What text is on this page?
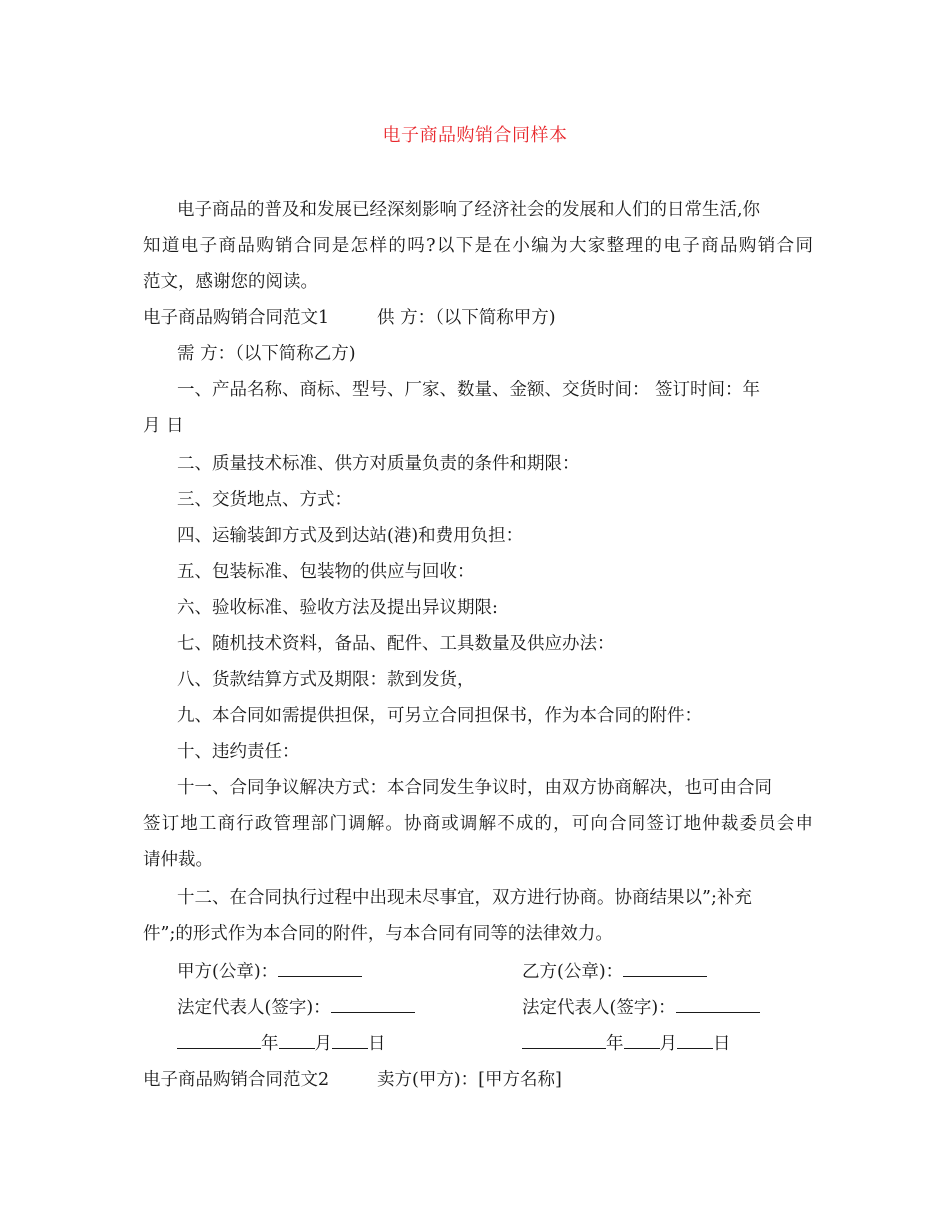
电子商品购销合同样本
电子商品的普及和发展已经深刻影响了经济社会的发展和人们的日常生活,你
知道电子商品购销合同是怎样的吗?以下是在小编为大家整理的电子商品购销合同
范文，感谢您的阅读。
电子商品购销合同范文1	供 方：（以下简称甲方)
需 方：（以下简称乙方)
一、产品名称、商标、型号、厂家、数量、金额、交货时间： 签订时间：年
月 日
二、质量技术标准、供方对质量负责的条件和期限：
三、交货地点、方式：
四、运输装卸方式及到达站(港)和费用负担：
五、包装标准、包装物的供应与回收：
六、验收标准、验收方法及提出异议期限:
七、随机技术资料，备品、配件、工具数量及供应办法：
八、货款结算方式及期限：款到发货，
九、本合同如需提供担保，可另立合同担保书，作为本合同的附件：
十、违约责任：
十一、合同争议解决方式：本合同发生争议时，由双方协商解决，也可由合同
签订地工商行政管理部门调解。协商或调解不成的，可向合同签订地仲裁委员会申
请仲裁。
十二、在合同执行过程中出现未尽事宜，双方进行协商。协商结果以”;补充
件”;的形式作为本合同的附件，与本合同有同等的法律效力。
甲方(公章)：	乙方(公章)：
法定代表人(签字)：	法定代表人(签字)：
年 月 日	年 月 日
电子商品购销合同范文2	卖方(甲方)：[甲方名称]
